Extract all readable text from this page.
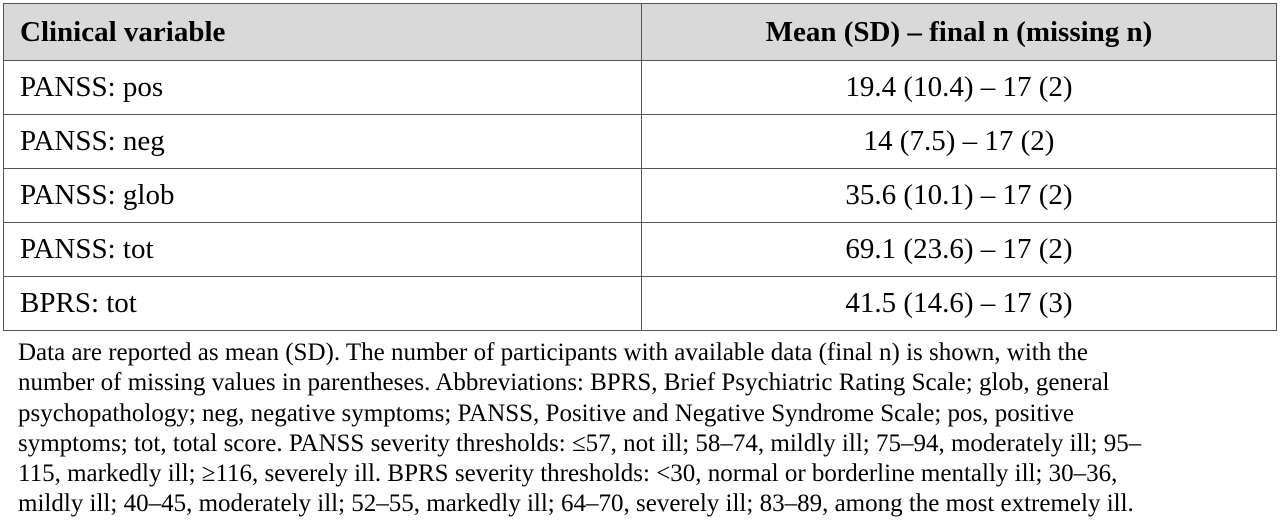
Clinical variable	Mean (SD) – final n (missing n)
PANSS: pos	19.4 (10.4) – 17 (2)
PANSS: neg	14 (7.5) – 17 (2)
PANSS: glob	35.6 (10.1) – 17 (2)
PANSS: tot	69.1 (23.6) – 17 (2)
BPRS: tot	41.5 (14.6) – 17 (3)

Data are reported as mean (SD). The number of participants with available data (final n) is shown, with the
number of missing values in parentheses. Abbreviations: BPRS, Brief Psychiatric Rating Scale; glob, general
psychopathology; neg, negative symptoms; PANSS, Positive and Negative Syndrome Scale; pos, positive
symptoms; tot, total score. PANSS severity thresholds: ≤57, not ill; 58–74, mildly ill; 75–94, moderately ill; 95–
115, markedly ill; ≥116, severely ill. BPRS severity thresholds: <30, normal or borderline mentally ill; 30–36,
mildly ill; 40–45, moderately ill; 52–55, markedly ill; 64–70, severely ill; 83–89, among the most extremely ill.
